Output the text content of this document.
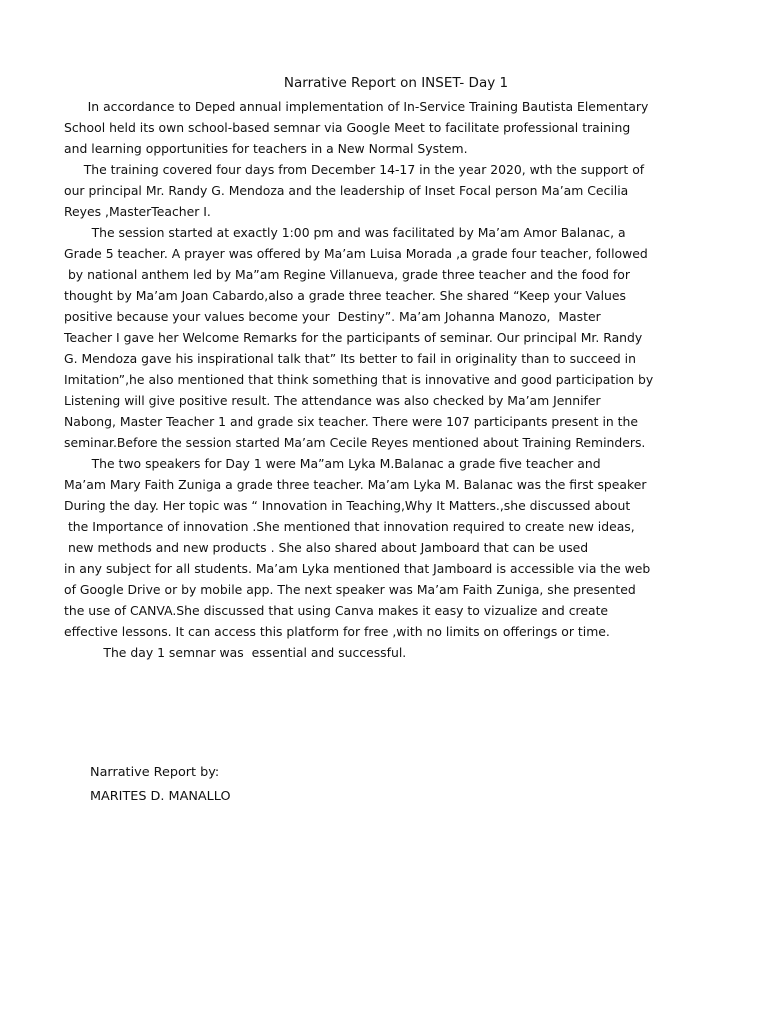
Narrative Report on INSET- Day 1
In accordance to Deped annual implementation of In-Service Training Bautista Elementary
School held its own school-based semnar via Google Meet to facilitate professional training
and learning opportunities for teachers in a New Normal System.
The training covered four days from December 14-17 in the year 2020, wth the support of
our principal Mr. Randy G. Mendoza and the leadership of Inset Focal person Ma’am Cecilia
Reyes ,MasterTeacher I.
The session started at exactly 1:00 pm and was facilitated by Ma’am Amor Balanac, a
Grade 5 teacher. A prayer was offered by Ma’am Luisa Morada ,a grade four teacher, followed
by national anthem led by Ma”am Regine Villanueva, grade three teacher and the food for
thought by Ma’am Joan Cabardo,also a grade three teacher. She shared “Keep your Values
positive because your values become your  Destiny”. Ma’am Johanna Manozo,  Master
Teacher I gave her Welcome Remarks for the participants of seminar. Our principal Mr. Randy
G. Mendoza gave his inspirational talk that” Its better to fail in originality than to succeed in
Imitation”,he also mentioned that think something that is innovative and good participation by
Listening will give positive result. The attendance was also checked by Ma’am Jennifer
Nabong, Master Teacher 1 and grade six teacher. There were 107 participants present in the
seminar.Before the session started Ma’am Cecile Reyes mentioned about Training Reminders.
The two speakers for Day 1 were Ma”am Lyka M.Balanac a grade five teacher and
Ma’am Mary Faith Zuniga a grade three teacher. Ma’am Lyka M. Balanac was the first speaker
During the day. Her topic was “ Innovation in Teaching,Why It Matters.,she discussed about
the Importance of innovation .She mentioned that innovation required to create new ideas,
new methods and new products . She also shared about Jamboard that can be used
in any subject for all students. Ma’am Lyka mentioned that Jamboard is accessible via the web
of Google Drive or by mobile app. The next speaker was Ma’am Faith Zuniga, she presented
the use of CANVA.She discussed that using Canva makes it easy to vizualize and create
effective lessons. It can access this platform for free ,with no limits on offerings or time.
The day 1 semnar was  essential and successful.
Narrative Report by:
MARITES D. MANALLO
